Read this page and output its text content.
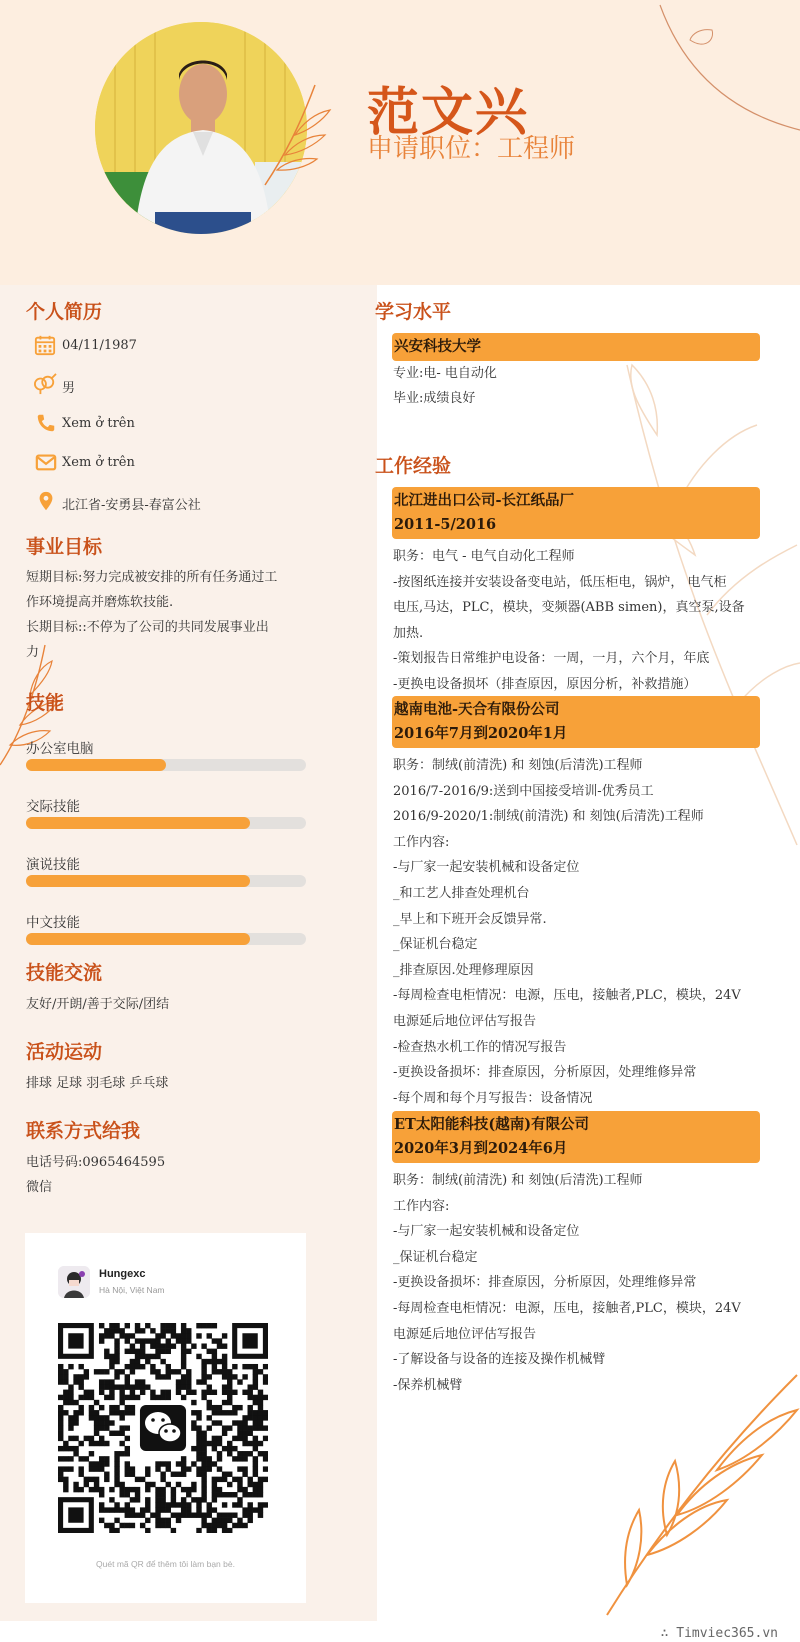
范文兴
申请职位：工程师
个人简历
04/11/1987
男
Xem ở trên
Xem ở trên
北江省-安勇县-春富公社
事业目标
短期目标:努力完成被安排的所有任务通过工
作环境提高并磨炼软技能.
长期目标::不停为了公司的共同发展事业出
力
技能
办公室电脑
交际技能
演说技能
中文技能
技能交流
友好/开朗/善于交际/团结
活动运动
排球 足球 羽毛球 乒乓球
联系方式给我
电话号码:0965464595
微信
Hungexc
Hà Nội, Việt Nam
Quét mã QR để thêm tôi làm bạn bè.
学习水平
兴安科技大学
专业:电- 电自动化
毕业:成绩良好
工作经验
北江进出口公司-长江纸品厂
2011-5/2016
职务：电气 - 电气自动化工程师
-按图纸连接并安装设备变电站，低压柜电，锅炉， 电气柜
电压,马达，PLC，模块，变频器(ABB simen)，真空泵,设备
加热.
-策划报告日常维护电设备：一周，一月，六个月，年底
-更换电设备损坏（排查原因，原因分析，补救措施）
越南电池-天合有限份公司
2016年7月到2020年1月
职务：制绒(前清洗) 和 刻蚀(后清洗)工程师
2016/7-2016/9:送到中国接受培训-优秀员工
2016/9-2020/1:制绒(前清洗) 和 刻蚀(后清洗)工程师
工作内容:
-与厂家一起安装机械和设备定位
_和工艺人排查处理机台
_早上和下班开会反馈异常.
_保证机台稳定
_排查原因.处理修理原因
-每周检查电柜情况：电源，压电，接触者,PLC，模块，24V
电源延后地位评估写报告
-检查热水机工作的情况写报告
-更换设备损坏：排查原因，分析原因，处理维修异常
-每个周和每个月写报告：设备情况
ET太阳能科技(越南)有限公司
2020年3月到2024年6月
职务：制绒(前清洗) 和 刻蚀(后清洗)工程师
工作内容:
-与厂家一起安装机械和设备定位
_保证机台稳定
-更换设备损坏：排查原因，分析原因，处理维修异常
-每周检查电柜情况：电源，压电，接触者,PLC，模块，24V
电源延后地位评估写报告
-了解设备与设备的连接及操作机械臂
-保养机械臂
∴ Timviec365.vn
